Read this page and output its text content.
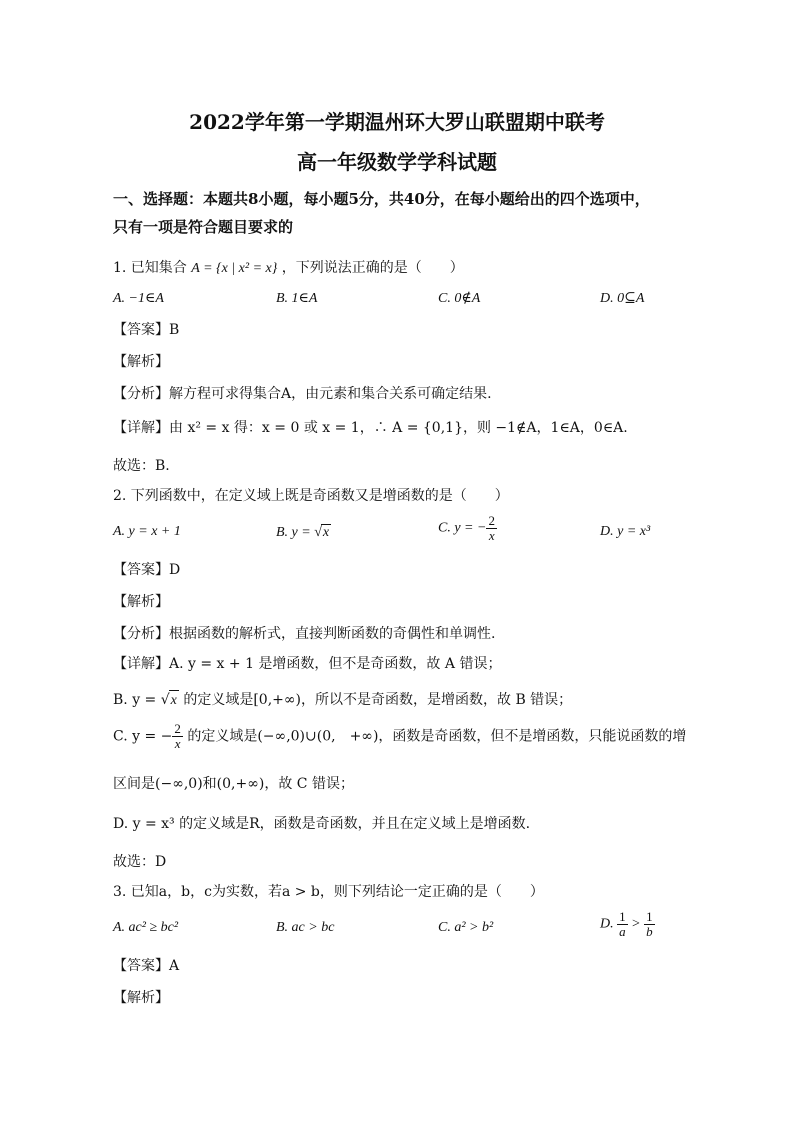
2022学年第一学期温州环大罗山联盟期中联考
高一年级数学学科试题
一、选择题：本题共8小题，每小题5分，共40分，在每小题给出的四个选项中，
只有一项是符合题目要求的
1. 已知集合 A = {x | x² = x} ，下列说法正确的是（　　）
A. −1∈A	B. 1∈A	C. 0∉A	D. 0⊆A
【答案】B
【解析】
【分析】解方程可求得集合A，由元素和集合关系可确定结果.
【详解】由 x² = x 得：x = 0 或 x = 1，∴ A = {0,1}，则 −1∉A，1∈A，0∈A.
故选：B.
2. 下列函数中，在定义域上既是奇函数又是增函数的是（　　）
A. y = x + 1	B. y = √x	C. y = − $\frac{2}{x}$	D. y = x³
【答案】D
【解析】
【分析】根据函数的解析式，直接判断函数的奇偶性和单调性.
【详解】A. y = x + 1 是增函数，但不是奇函数，故 A 错误；
B. y = √x 的定义域是[0,+∞)，所以不是奇函数，是增函数，故 B 错误；
C. y = − $\frac{2}{x}$ 的定义域是(−∞,0)∪(0,　+∞)，函数是奇函数，但不是增函数，只能说函数的增
区间是(−∞,0)和(0,+∞)，故 C 错误；
D. y = x³ 的定义域是R，函数是奇函数，并且在定义域上是增函数.
故选：D
3. 已知a，b，c为实数，若a > b，则下列结论一定正确的是（　　）
A. ac² ≥ bc²	B. ac > bc	C. a² > b²	D. $\frac{1}{a} > \frac{1}{b}$
【答案】A
【解析】
